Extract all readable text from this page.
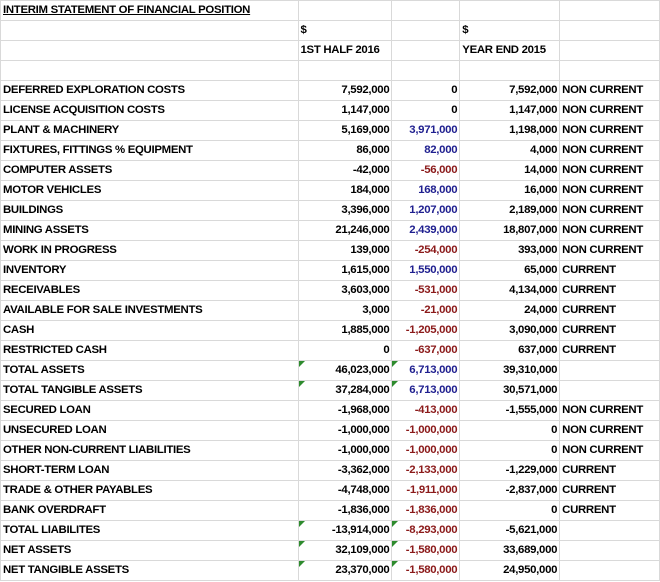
INTERIM STATEMENT OF FINANCIAL POSITION				
	$		$	
	1ST HALF 2016		YEAR END 2015	

DEFERRED EXPLORATION COSTS	7,592,000	0	7,592,000	NON CURRENT
LICENSE ACQUISITION COSTS	1,147,000	0	1,147,000	NON CURRENT
PLANT & MACHINERY	5,169,000	3,971,000	1,198,000	NON CURRENT
FIXTURES, FITTINGS % EQUIPMENT	86,000	82,000	4,000	NON CURRENT
COMPUTER ASSETS	-42,000	-56,000	14,000	NON CURRENT
MOTOR VEHICLES	184,000	168,000	16,000	NON CURRENT
BUILDINGS	3,396,000	1,207,000	2,189,000	NON CURRENT
MINING ASSETS	21,246,000	2,439,000	18,807,000	NON CURRENT
WORK IN PROGRESS	139,000	-254,000	393,000	NON CURRENT
INVENTORY	1,615,000	1,550,000	65,000	CURRENT
RECEIVABLES	3,603,000	-531,000	4,134,000	CURRENT
AVAILABLE FOR SALE INVESTMENTS	3,000	-21,000	24,000	CURRENT
CASH	1,885,000	-1,205,000	3,090,000	CURRENT
RESTRICTED CASH	0	-637,000	637,000	CURRENT
TOTAL ASSETS	46,023,000	6,713,000	39,310,000	
TOTAL TANGIBLE ASSETS	37,284,000	6,713,000	30,571,000	
SECURED LOAN	-1,968,000	-413,000	-1,555,000	NON CURRENT
UNSECURED LOAN	-1,000,000	-1,000,000	0	NON CURRENT
OTHER NON-CURRENT LIABILITIES	-1,000,000	-1,000,000	0	NON CURRENT
SHORT-TERM LOAN	-3,362,000	-2,133,000	-1,229,000	CURRENT
TRADE & OTHER PAYABLES	-4,748,000	-1,911,000	-2,837,000	CURRENT
BANK OVERDRAFT	-1,836,000	-1,836,000	0	CURRENT
TOTAL LIABILITES	-13,914,000	-8,293,000	-5,621,000	
NET ASSETS	32,109,000	-1,580,000	33,689,000	
NET TANGIBLE ASSETS	23,370,000	-1,580,000	24,950,000	
